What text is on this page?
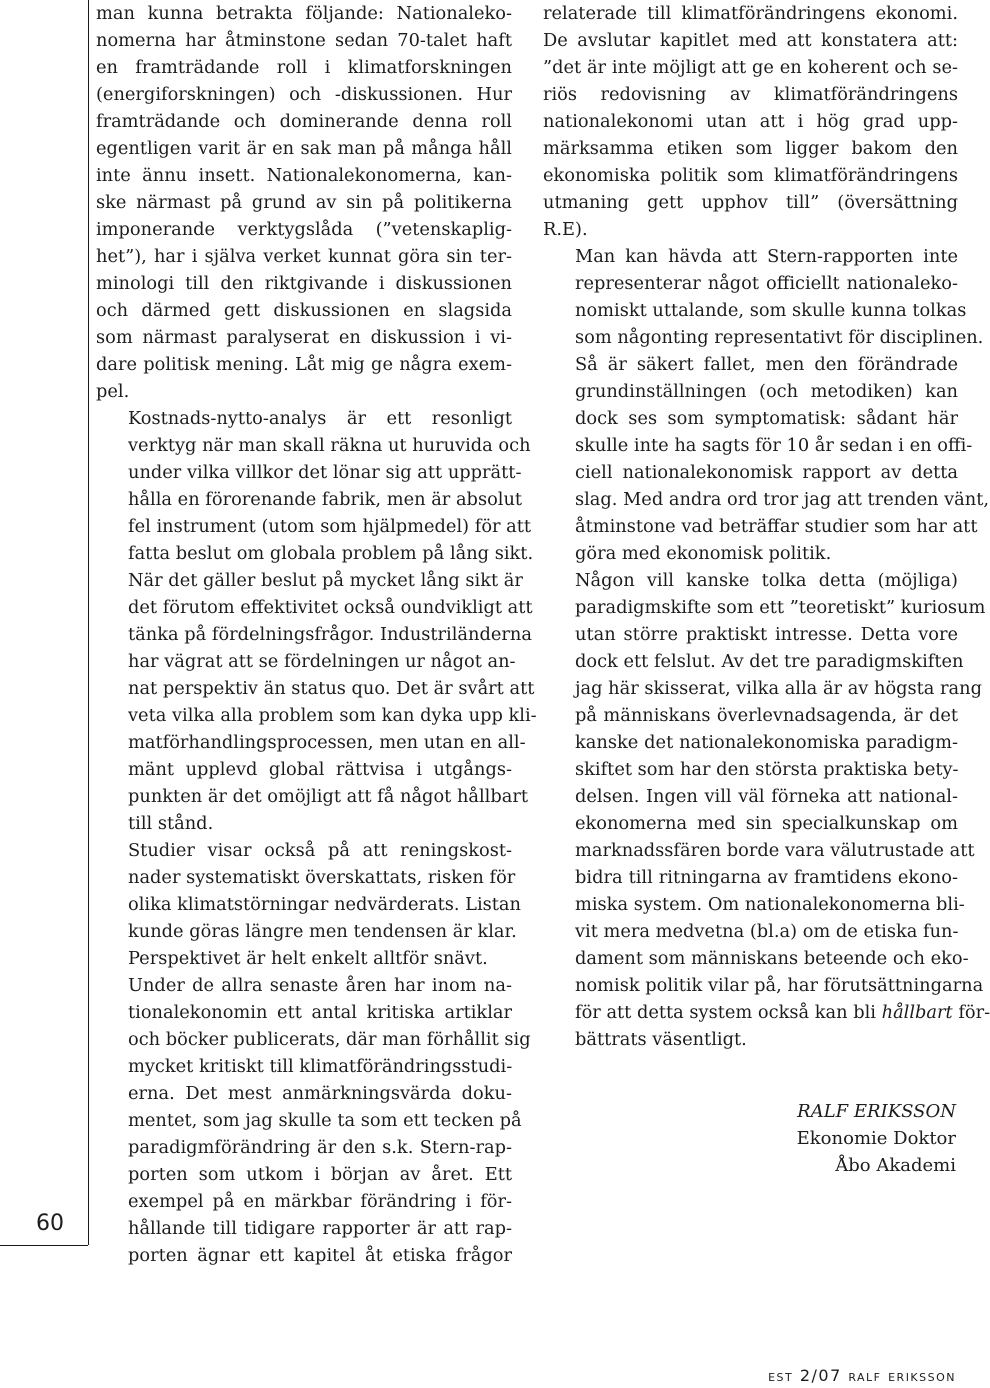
60

man kunna betrakta följande: Nationaleko-
nomerna har åtminstone sedan 70-talet haft
en framträdande roll i klimatforskningen
(energiforskningen) och -diskussionen. Hur
framträdande och dominerande denna roll
egentligen varit är en sak man på många håll
inte ännu insett. Nationalekonomerna, kan-
ske närmast på grund av sin på politikerna
imponerande verktygslåda (”vetenskaplig-
het”), har i själva verket kunnat göra sin ter-
minologi till den riktgivande i diskussionen
och därmed gett diskussionen en slagsida
som närmast paralyserat en diskussion i vi-
dare politisk mening. Låt mig ge några exem-
pel.

Kostnads-nytto-analys är ett resonligt
verktyg när man skall räkna ut huruvida och
under vilka villkor det lönar sig att upprätt-
hålla en förorenande fabrik, men är absolut
fel instrument (utom som hjälpmedel) för att
fatta beslut om globala problem på lång sikt.
När det gäller beslut på mycket lång sikt är
det förutom effektivitet också oundvikligt att
tänka på fördelningsfrågor. Industriländerna
har vägrat att se fördelningen ur något an-
nat perspektiv än status quo. Det är svårt att
veta vilka alla problem som kan dyka upp kli-
matförhandlingsprocessen, men utan en all-
mänt upplevd global rättvisa i utgångs-
punkten är det omöjligt att få något hållbart
till stånd.

Studier visar också på att reningskost-
nader systematiskt överskattats, risken för
olika klimatstörningar nedvärderats. Listan
kunde göras längre men tendensen är klar.
Perspektivet är helt enkelt alltför snävt.

Under de allra senaste åren har inom na-
tionalekonomin ett antal kritiska artiklar
och böcker publicerats, där man förhållit sig
mycket kritiskt till klimatförändringsstudi-
erna. Det mest anmärkningsvärda doku-
mentet, som jag skulle ta som ett tecken på
paradigmförändring är den s.k. Stern-rap-
porten som utkom i början av året. Ett
exempel på en märkbar förändring i för-
hållande till tidigare rapporter är att rap-
porten ägnar ett kapitel åt etiska frågor

relaterade till klimatförändringens ekonomi.
De avslutar kapitlet med att konstatera att:
”det är inte möjligt att ge en koherent och se-
riös redovisning av klimatförändringens
nationalekonomi utan att i hög grad upp-
märksamma etiken som ligger bakom den
ekonomiska politik som klimatförändringens
utmaning gett upphov till” (översättning
R.E).

Man kan hävda att Stern-rapporten inte
representerar något officiellt nationaleko-
nomiskt uttalande, som skulle kunna tolkas
som någonting representativt för disciplinen.
Så är säkert fallet, men den förändrade
grundinställningen (och metodiken) kan
dock ses som symptomatisk: sådant här
skulle inte ha sagts för 10 år sedan i en offi-
ciell nationalekonomisk rapport av detta
slag. Med andra ord tror jag att trenden vänt,
åtminstone vad beträffar studier som har att
göra med ekonomisk politik.

Någon vill kanske tolka detta (möjliga)
paradigmskifte som ett ”teoretiskt” kuriosum
utan större praktiskt intresse. Detta vore
dock ett felslut. Av det tre paradigmskiften
jag här skisserat, vilka alla är av högsta rang
på människans överlevnadsagenda, är det
kanske det nationalekonomiska paradigm-
skiftet som har den största praktiska bety-
delsen. Ingen vill väl förneka att national-
ekonomerna med sin specialkunskap om
marknadssfären borde vara välutrustade att
bidra till ritningarna av framtidens ekono-
miska system. Om nationalekonomerna bli-
vit mera medvetna (bl.a) om de etiska fun-
dament som människans beteende och eko-
nomisk politik vilar på, har förutsättningarna
för att detta system också kan bli hållbart för-
bättrats väsentligt.

RALF ERIKSSON
Ekonomie Doktor
Åbo Akademi
est 2/07 ralf eriksson
